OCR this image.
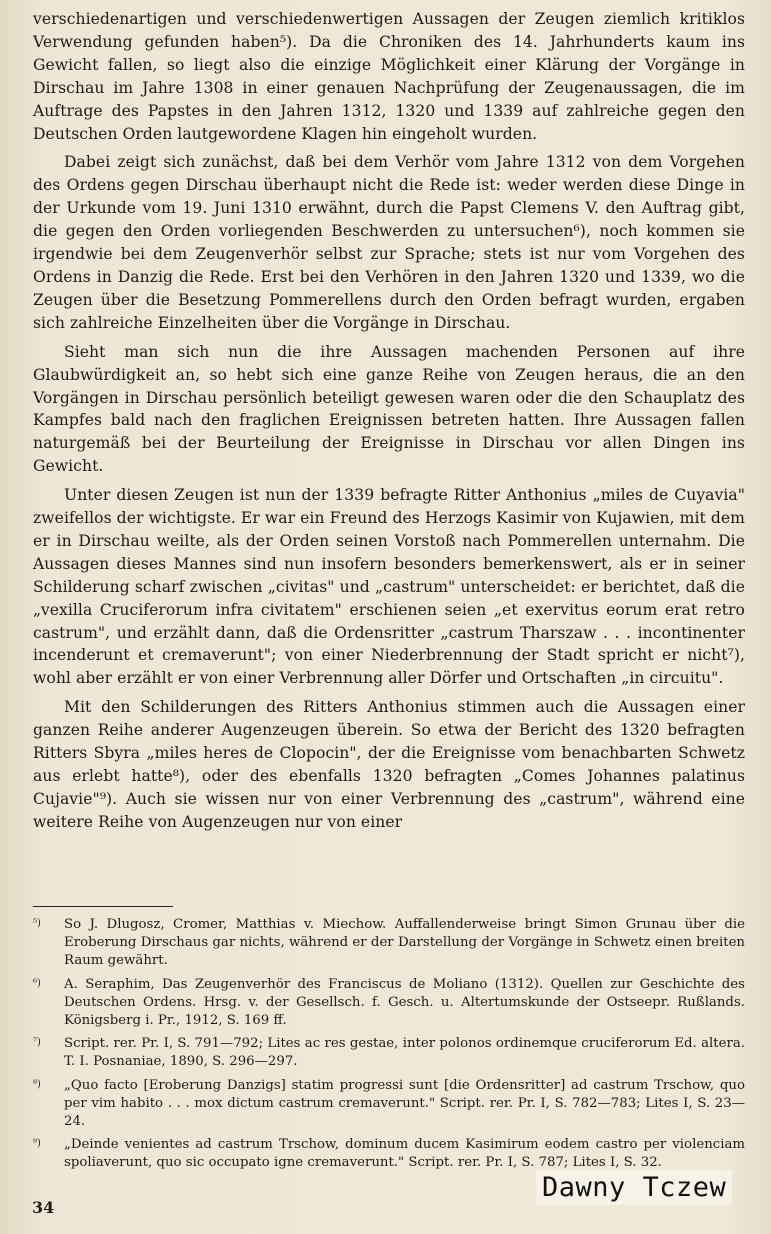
verschiedenartigen und verschiedenwertigen Aussagen der Zeugen ziemlich kritiklos Verwendung gefunden haben⁵). Da die Chroniken des 14. Jahrhunderts kaum ins Gewicht fallen, so liegt also die einzige Möglichkeit einer Klärung der Vorgänge in Dirschau im Jahre 1308 in einer genauen Nachprüfung der Zeugenaussagen, die im Auftrage des Papstes in den Jahren 1312, 1320 und 1339 auf zahlreiche gegen den Deutschen Orden lautgewordene Klagen hin eingeholt wurden.

Dabei zeigt sich zunächst, daß bei dem Verhör vom Jahre 1312 von dem Vorgehen des Ordens gegen Dirschau überhaupt nicht die Rede ist: weder werden diese Dinge in der Urkunde vom 19. Juni 1310 erwähnt, durch die Papst Clemens V. den Auftrag gibt, die gegen den Orden vorliegenden Beschwerden zu untersuchen⁶), noch kommen sie irgendwie bei dem Zeugenverhör selbst zur Sprache; stets ist nur vom Vorgehen des Ordens in Danzig die Rede. Erst bei den Verhören in den Jahren 1320 und 1339, wo die Zeugen über die Besetzung Pommerellens durch den Orden befragt wurden, ergaben sich zahlreiche Einzelheiten über die Vorgänge in Dirschau.

Sieht man sich nun die ihre Aussagen machenden Personen auf ihre Glaubwürdigkeit an, so hebt sich eine ganze Reihe von Zeugen heraus, die an den Vorgängen in Dirschau persönlich beteiligt gewesen waren oder die den Schauplatz des Kampfes bald nach den fraglichen Ereignissen betreten hatten. Ihre Aussagen fallen naturgemäß bei der Beurteilung der Ereignisse in Dirschau vor allen Dingen ins Gewicht.

Unter diesen Zeugen ist nun der 1339 befragte Ritter Anthonius „miles de Cuyavia" zweifellos der wichtigste. Er war ein Freund des Herzogs Kasimir von Kujawien, mit dem er in Dirschau weilte, als der Orden seinen Vorstoß nach Pommerellen unternahm. Die Aussagen dieses Mannes sind nun insofern besonders bemerkenswert, als er in seiner Schilderung scharf zwischen „civitas" und „castrum" unterscheidet: er berichtet, daß die „vexilla Cruciferorum infra civitatem" erschienen seien „et exervitus eorum erat retro castrum", und erzählt dann, daß die Ordensritter „castrum Tharszaw . . . incontinenter incenderunt et cremaverunt"; von einer Niederbrennung der Stadt spricht er nicht⁷), wohl aber erzählt er von einer Verbrennung aller Dörfer und Ortschaften „in circuitu".

Mit den Schilderungen des Ritters Anthonius stimmen auch die Aussagen einer ganzen Reihe anderer Augenzeugen überein. So etwa der Bericht des 1320 befragten Ritters Sbyra „miles heres de Clopocin", der die Ereignisse vom benachbarten Schwetz aus erlebt hatte⁸), oder des ebenfalls 1320 befragten „Comes Johannes palatinus Cujavie"⁹). Auch sie wissen nur von einer Verbrennung des „castrum", während eine weitere Reihe von Augenzeugen nur von einer

⁵)	So J. Dlugosz, Cromer, Matthias v. Miechow. Auffallenderweise bringt Simon Grunau über die Eroberung Dirschaus gar nichts, während er der Darstellung der Vorgänge in Schwetz einen breiten Raum gewährt.
⁶)	A. Seraphim, Das Zeugenverhör des Franciscus de Moliano (1312). Quellen zur Geschichte des Deutschen Ordens. Hrsg. v. der Gesellsch. f. Gesch. u. Altertumskunde der Ostseepr. Rußlands. Königsberg i. Pr., 1912, S. 169 ff.
⁷)	Script. rer. Pr. I, S. 791—792; Lites ac res gestae, inter polonos ordinemque cruciferorum Ed. altera. T. I. Posnaniae, 1890, S. 296—297.
⁸)	„Quo facto [Eroberung Danzigs] statim progressi sunt [die Ordensritter] ad castrum Trschow, quo per vim habito . . . mox dictum castrum cremaverunt." Script. rer. Pr. I, S. 782—783; Lites I, S. 23—24.
⁹)	„Deinde venientes ad castrum Trschow, dominum ducem Kasimirum eodem castro per violenciam spoliaverunt, quo sic occupato igne cremaverunt." Script. rer. Pr. I, S. 787; Lites I, S. 32.
34
Dawny Tczew
